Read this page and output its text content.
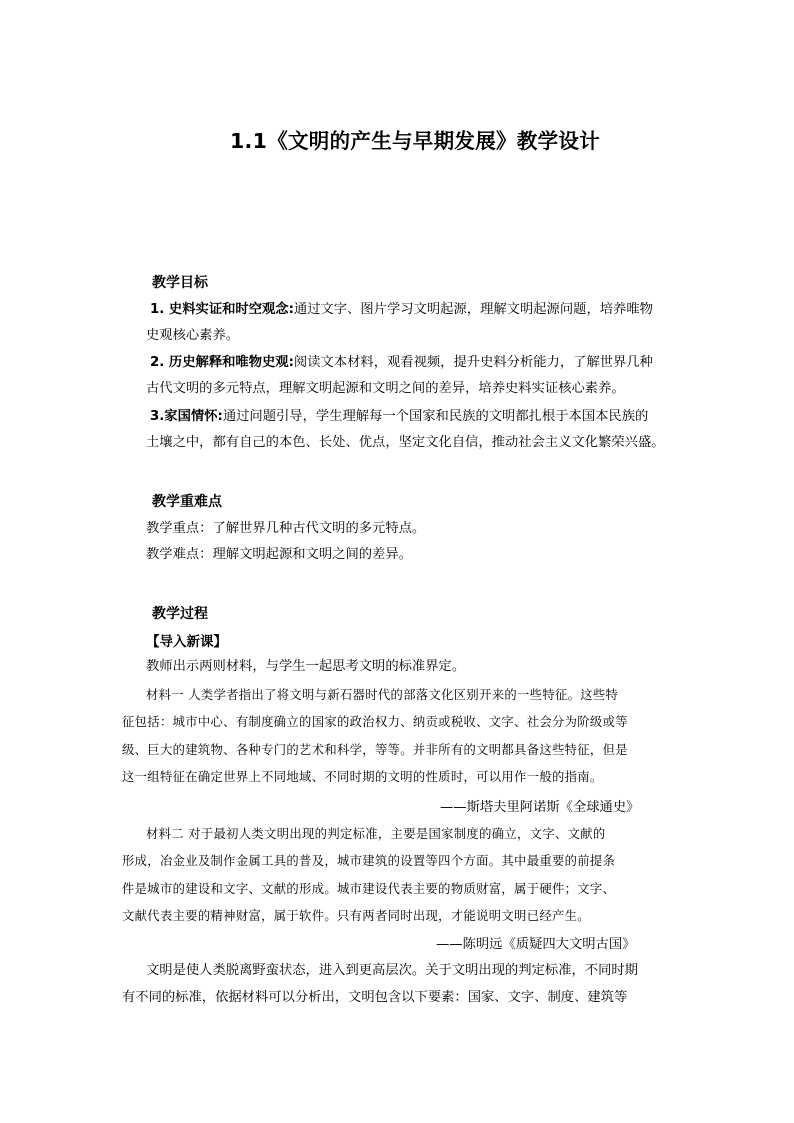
1.1《文明的产生与早期发展》教学设计
教学目标
1. 史料实证和时空观念:通过文字、图片学习文明起源，理解文明起源问题，培养唯物
史观核心素养。
2. 历史解释和唯物史观:阅读文本材料，观看视频，提升史料分析能力，了解世界几种
古代文明的多元特点，理解文明起源和文明之间的差异，培养史料实证核心素养。
3.家国情怀:通过问题引导，学生理解每一个国家和民族的文明都扎根于本国本民族的
土壤之中，都有自己的本色、长处、优点，坚定文化自信，推动社会主义文化繁荣兴盛。
教学重难点
教学重点：了解世界几种古代文明的多元特点。
教学难点：理解文明起源和文明之间的差异。
教学过程
【导入新课】
教师出示两则材料，与学生一起思考文明的标准界定。
材料一 人类学者指出了将文明与新石器时代的部落文化区别开来的一些特征。这些特
征包括：城市中心、有制度确立的国家的政治权力、纳贡或税收、文字、社会分为阶级或等
级、巨大的建筑物、各种专门的艺术和科学，等等。并非所有的文明都具备这些特征，但是
这一组特征在确定世界上不同地域、不同时期的文明的性质时，可以用作一般的指南。
——斯塔夫里阿诺斯《全球通史》
材料二 对于最初人类文明出现的判定标准，主要是国家制度的确立，文字、文献的
形成，冶金业及制作金属工具的普及，城市建筑的设置等四个方面。其中最重要的前提条
件是城市的建设和文字、文献的形成。城市建设代表主要的物质财富，属于硬件；文字、
文献代表主要的精神财富，属于软件。只有两者同时出现，才能说明文明已经产生。
——陈明远《质疑四大文明古国》
文明是使人类脱离野蛮状态，进入到更高层次。关于文明出现的判定标准，不同时期
有不同的标准，依据材料可以分析出，文明包含以下要素：国家、文字、制度、建筑等
